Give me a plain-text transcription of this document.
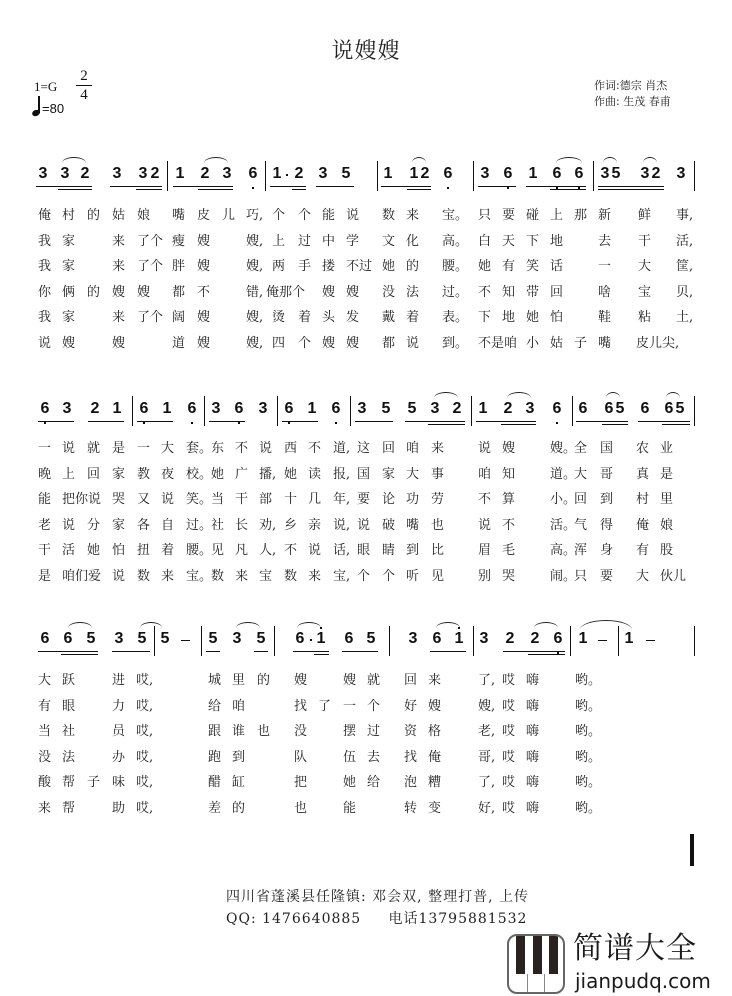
说嫂嫂
1=G
2
4
=80
作词:德宗 肖杰
作曲: 生茂 春甫
3 3 2 3 3 2 1 2 3 6 1 2 3 5 1 1 2 6 3 6 1 6 6 3 5 3 2 3
俺 村 的 姑 娘 嘴 皮 儿 巧, 个 个 能 说 数 来 宝。 只 要 碰 上 那 新 鲜 事,
我 家	来 了个 瘦 嫂	嫂, 上 过 中 学 文 化 高。 白 天 下 地	去 干 活,
我 家	来 了个 胖 嫂	嫂, 两 手 搂 不过 她 的 腰。 她 有 笑 话	一 大 筐,
你 俩 的 嫂 嫂 都 不	错, 俺那个 嫂 嫂 没 法 过。 不 知 带 回	啥 宝 贝,
我 家	来 了个 阔 嫂	嫂, 烫 着 头 发 戴 着 表。 下 地 她 怕	鞋 粘 土,
说 嫂	嫂	道 嫂	嫂, 四 个 嫂 嫂 都 说 到。 不是 咱 小 姑 子 嘴 皮儿尖,
6 3 2 1 6 1 6 3 6 3 6 1 6 3 5 5 3 2 1 2 3 6 6 6 5 6 6 5
一 说 就 是 一 大 套。
东 不 说 西 不 道, 这 回 咱 来	说 嫂	嫂。
全 国 农 业
晚 上 回 家 教 夜 校。
她 广 播, 她 读 报, 国 家 大 事	咱 知	道。
大 哥 真 是
能 把你说 哭 又 说 笑。
当 干 部 十 几 年, 要 论 功 劳	不 算	小。
回 到 村 里
老 说 分 家 各 自 过。
社 长 劝, 乡 亲 说, 说 破 嘴 也	说 不	活。
气 得 俺 娘
干 活 她 怕 扭 着 腰。
见 凡 人, 不 说 话, 眼 睛 到 比	眉 毛	高。
浑 身 有 股
是 咱们爱 说 数 来 宝。
数 来 宝 数 来 宝, 个 个 听 见	别 哭	闹。
只 要 大 伙儿
6 6 5 3 5 5 5 3 5 6 1 6 5 3 6 1 3 2 2 6 1 1
大 跃	进 哎,	城 里 的 嫂	嫂 就 回 来	了, 哎 嗨	哟。
有 眼	力 哎,	给 咱	找 了 一 个 好 嫂	嫂, 哎 嗨	哟。
当 社	员 哎,	跟 谁 也 没	摆 过 资 格	老, 哎 嗨	哟。
没 法	办 哎,	跑 到	队	伍 去 找 俺	哥, 哎 嗨	哟。
酸 帮 子 味 哎,	醋 缸	把	她 给 泡 糟	了, 哎 嗨	哟。
来 帮	助 哎,	差 的	也	能	转 变	好, 哎 嗨	哟。
四川省蓬溪县任隆镇: 邓会双, 整理打普, 上传
QQ: 1476640885     电话13795881532
简谱大全
jianpudq.com
